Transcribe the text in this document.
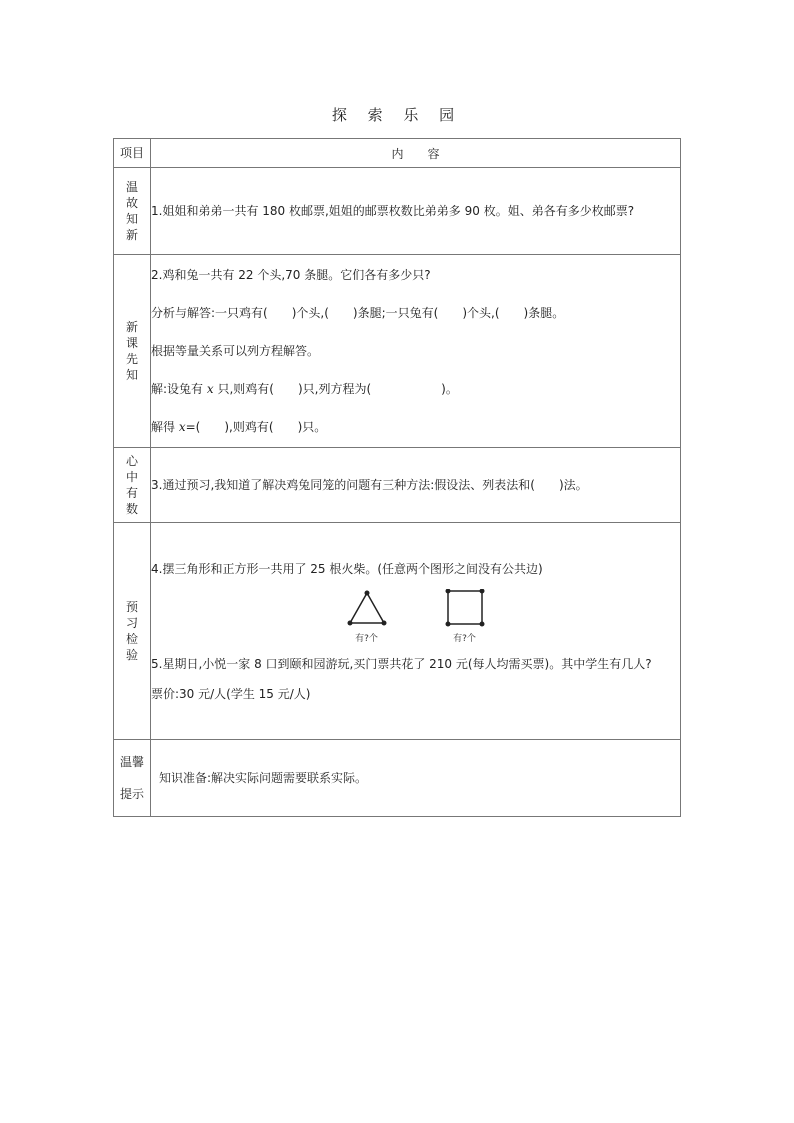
探 索 乐 园
项目	内　　容
温故知新	1.姐姐和弟弟一共有 180 枚邮票,姐姐的邮票枚数比弟弟多 90 枚。姐、弟各有多少枚邮票?

新课先知	2.鸡和兔一共有 22 个头,70 条腿。它们各有多少只?

分析与解答:一只鸡有( )个头,( )条腿;一只兔有( )个头,( )条腿。

根据等量关系可以列方程解答。

解:设兔有 x 只,则鸡有( )只,列方程为( )。

解得 x=( ),则鸡有( )只。

心中有数	3.通过预习,我知道了解决鸡兔同笼的问题有三种方法:假设法、列表法和( )法。

预习检验	4.摆三角形和正方形一共用了 25 根火柴。(任意两个图形之间没有公共边)

有?个 有?个

5.星期日,小悦一家 8 口到颐和园游玩,买门票共花了 210 元(每人均需买票)。其中学生有几人?

票价:30 元/人(学生 15 元/人)

温馨
提示	知识准备:解决实际问题需要联系实际。
